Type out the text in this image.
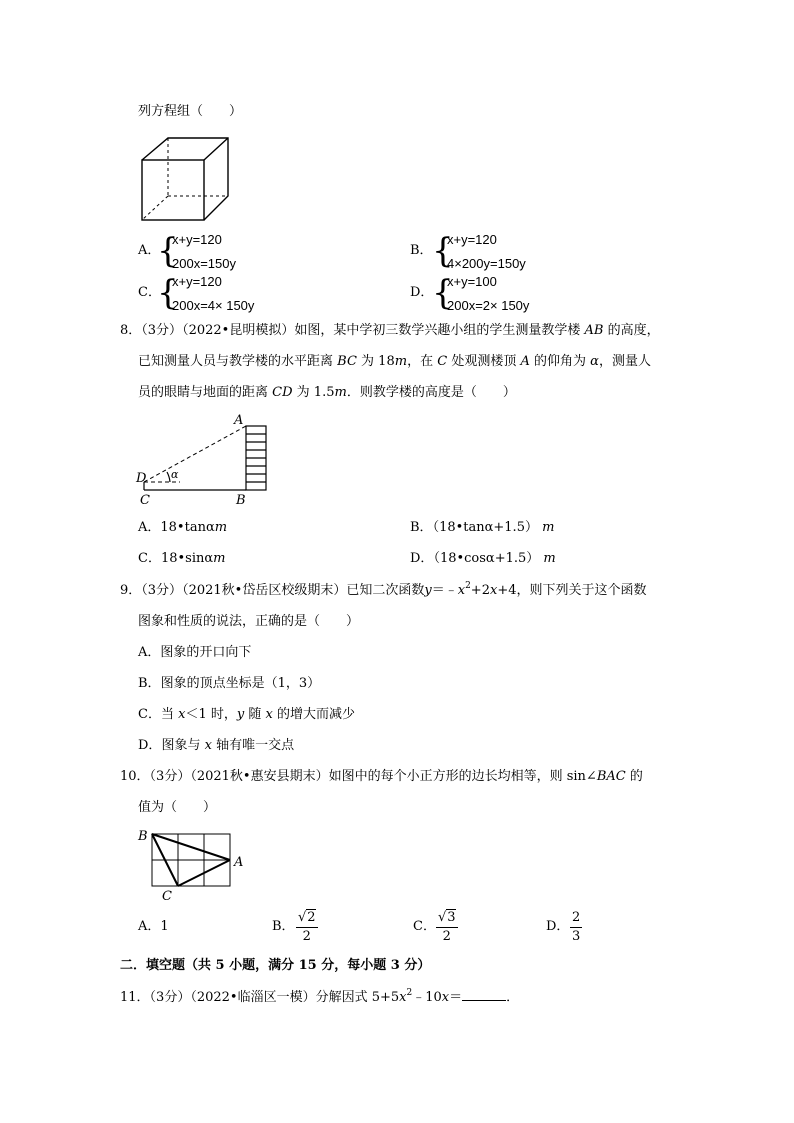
列方程组（　　）
A．
{
x+y=120
200x=150y
B． {
x+y=120
4×200y=150y
C．
{
x+y=120
200x=4× 150y
D．
{
x+y=100
200x=2× 150y
8．（3分）（2022•昆明模拟）如图，某中学初三数学兴趣小组的学生测量教学楼 AB 的高度，
已知测量人员与教学楼的水平距离 BC 为 18m，在 C 处观测楼顶 A 的仰角为 α，测量人
员的眼睛与地面的距离 CD 为 1.5m．则教学楼的高度是（　　）
A
D
C	B
α
A．18•tanαm	B．（18•tanα+1.5） m
C．18•sinαm	D．（18•cosα+1.5） m
9．（3分）（2021秋•岱岳区校级期末）已知二次函数$y=﹣x^2+2x+4$，则下列关于这个函数
图象和性质的说法，正确的是（　　）
A．图象的开口向下
B．图象的顶点坐标是（1，3）
C．当 x＜1 时，y 随 x 的增大而减少
D．图象与 x 轴有唯一交点
10．（3分）（2021秋•惠安县期末）如图中的每个小正方形的边长均相等，则 sin∠BAC 的
值为（　　）
B
A
C
A．1	B． $\frac{√2}{2}$	C． $\frac{√3}{2}$	D． $\frac{2}{3}$
二．填空题（共 5 小题，满分 15 分，每小题 3 分）
11．（3分）（2022•临淄区一模）分解因式 $5+5x^2﹣10x=$	．
